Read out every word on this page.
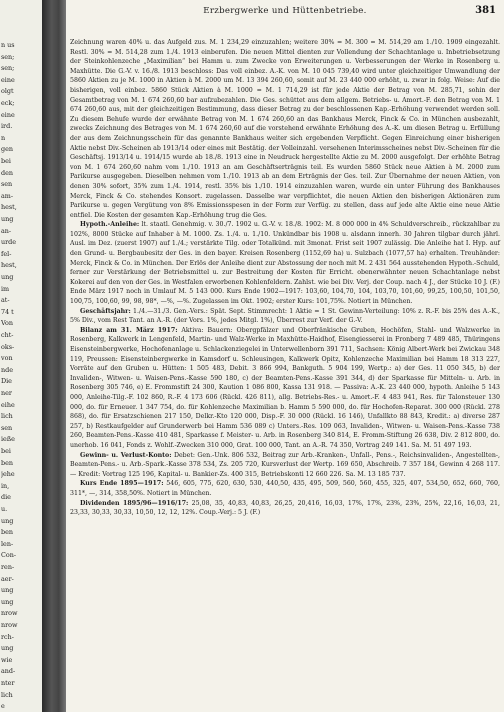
n us
sen;
sen;
eine
olgt
eck;
eine
ird.
n
gen
bei
den
sen
am-
hest,
ung
an-
urde
fel-
hest,
ung
im
at-
74 t
Von
cht-
oks-
von
nde
Die
ner
eihe
lich
sen
ieße
bei
ben
jehe
in,
die
u.
ung
ben
len-
Con-
ren-
aer-
ung
ung
nrow
nrow
rch-
ung
wie
and-
nter
lich
e
Erzbergwerke und Hüttenbetriebe.	381

Zeichnung waren 40% u. das Aufgeld zus. M. 1 234,29 einzuzahlen; weitere 30% = M. 300 = M. 514,29 am 1./10. 1909 eingezahlt. Restl. 30% = M. 514,28 zum 1./4. 1913 einberufen. Die neuen Mittel dienten zur Vollendung der Schachtanlage u. Inbetriebsetzung der Steinkohlenzeche „Maximilian“ bei Hamm u. zum Zwecke von Erweiterungen u. Verbesserungen der Werke in Rosenberg u. Maxhütte. Die G.-V. v. 16./8. 1913 beschloss: Das voll einbez. A.-K. von M. 10 045 739,40 wird unter gleichzeitiger Umwandlung der 5860 Aktien zu je M. 1000 in Aktien à M. 2000 um M. 13 394 260,60, somit auf M. 23 440 000 erhöht, u. zwar in folg. Weise: Auf die bisherigen, voll einbez. 5860 Stück Aktien à M. 1000 = M. 1 714,29 ist für jede Aktie der Betrag von M. 285,71, sohin der Gesamtbetrag von M. 1 674 260,60 bar aufzubezahlen. Die Ges. schüttet aus dem allgem. Betriebs- u. Amort.-F. den Betrag von M. 1 674 260,60 aus, mit der gleichzeitigen Bestimmung, dass dieser Betrag zu der beschlossenen Kap.-Erhöhung verwendet werden soll. Zu diesem Behufe wurde der erwähnte Betrag von M. 1 674 260,60 an das Bankhaus Merck, Finck & Co. in München ausbezahlt, zwecks Zeichnung des Betrages von M. 1 674 260,60 auf die vorstehend erwähnte Erhöhung des A.-K. um diesen Betrag u. Erfüllung der aus dem Zeichnungsschein für das genannte Bankhaus weiter sich ergebenden Verpflicht. Gegen Einreichung einer bisherigen Aktie nebst Div.-Scheinen ab 1913/14 oder eines mit Bestätig. der Volleinzahl. versehenen Interimsscheines nebst Div.-Scheinen für die Geschäftsj. 1913/14 u. 1914/15 wurde ab 18./8. 1913 eine in Neudruck hergestellte Aktie zu M. 2000 ausgefolgt. Der erhöhte Betrag von M. 1 674 260,60 nahm vom 1./10. 1913 an am Geschäftserträgnis teil. Es wurden 5860 Stück neue Aktien à M. 2000 zum Parikurse ausgegeben. Dieselben nehmen vom 1./10. 1913 ab an dem Erträgnis der Ges. teil. Zur Übernahme der neuen Aktien, von denen 30% sofort, 35% zum 1./4. 1914, restl. 35% bis 1./10. 1914 einzuzahlen waren, wurde ein unter Führung des Bankhauses Merck, Finck & Co. stehendes Konsort. zugelassen. Dasselbe war verpflichtet, die neuen Aktien den bisherigen Aktionären zum Parikurse u. gegen Vergütung von 8% Emissionsspesen in der Form zur Verfüg. zu stellen, dass auf jede alte Aktie eine neue Aktie entfiel. Die Kosten der gesamten Kap.-Erhöhung trug die Ges.

Hypoth.-Anleihe: lt. staatl. Genehmig. v. 30./7. 1902 u. G.-V. v. 18./8. 1902: M. 8 000 000 in 4% Schuldverschreib., rückzahlbar zu 102%, 8000 Stücke auf Inhaber à M. 1000. Zs. 1./4. u. 1./10. Unkündbar bis 1908 u. alsdann innerh. 30 Jahren tilgbar durch jährl. Ausl. im Dez. (zuerst 1907) auf 1./4.; verstärkte Tilg. oder Totalkünd. mit 3monat. Frist seit 1907 zulässig. Die Anleihe hat I. Hyp. auf den Grund- u. Bergbaubesitz der Ges. in den bayer. Kreisen Rosenberg (1152,69 ha) u. Sulzbach (1077,57 ha) erhalten. Treuhänder: Merck, Finck & Co. in München. Der Erlös der Anleihe dient zur Abstossung der noch mit M. 2 431 564 ausstehenden Hypoth.-Schuld, ferner zur Verstärkung der Betriebsmittel u. zur Bestreitung der Kosten für Erricht. obenerwähnter neuen Schachtanlage nebst Kokerei auf den von der Ges. in Westfalen erworbenen Kohlenfeldern. Zahlst. wie bei Div. Verj. der Coup. nach 4 J., der Stücke 10 J. (F.) Ende März 1917 noch in Umlauf M. 5 143 000. Kurs Ende 1902—1917: 103,60, 104,70, 104, 103,70, 101,60, 99,25, 100,50, 101,50, 100,75, 100,60, 99, 98, 98*, —%, —%. Zugelassen im Okt. 1902; erster Kurs: 101,75%. Notiert in München.

Geschäftsjahr: 1./4.—31./3. Gen.-Vers.: Spät. Sept. Stimmrecht: 1 Aktie = 1 St. Gewinn-Verteilung: 10% z. R.-F. bis 25% des A.-K., 5% Div., vom Rest Tant. an A.-R. (der Vors. 1%, jedes Mitgl. 1%), Überrest zur Verf. der G.-V.

Bilanz am 31. März 1917: Aktiva: Bauern: Obergpfälzer und Oberfränkische Gruben, Hochöfen, Stahl- und Walzwerke in Rosenberg, Kalkwerk in Lengenfeld, Martin- und Walz-Werke in Maxhütte-Haidhof, Eisengiesserei in Fronberg 7 489 485, Thüringens Eisensteinbergwerke, Hochofenanlage u. Schlackenziegelei in Unterwellenborn 391 711, Sachsen: König Albert-Werk bei Zwickau 348 119, Preussen: Eisensteinbergwerke in Kamsdorf u. Schleusingen, Kalkwerk Opitz, Kohlenzeche Maximilian bei Hamm 18 313 227, Vorräte auf den Gruben u. Hütten: 1 505 483, Debit. 3 866 994, Bankguth. 5 904 199, Wertp.: a) der Ges. 11 050 345, b) der Invaliden-, Witwen- u. Waisen-Pens.-Kasse 590 180, c) der Beamten-Pens.-Kasse 391 344, d) der Sparkasse für Mitteln- u. Arb. in Rosenberg 305 746, e) E. Frommstift 24 300, Kaution 1 086 800, Kassa 131 918. — Passiva: A.-K. 23 440 000, hypoth. Anleihe 5 143 000, Anleihe-Tilg.-F. 102 860, R.-F. 4 173 606 (Rückl. 426 811), allg. Betriebs-Res.- u. Amort.-F. 4 483 941, Res. für Talonsteuer 130 000, do. für Erneuer. 1 347 754, do. für Kohlenzeche Maximilian b. Hamm 5 590 000, do. für Hochofen-Reparat. 300 000 (Rückl. 278 868), do. für Ersatzschienen 217 150, Delkr.-Kto 120 000, Disp.-F. 30 000 (Rückl. 16 146), Unfallkto 88 843, Kredit.: a) diverse 287 257, b) Restkaufgelder auf Grunderwerb bei Hamm 536 089 c) Unters.-Res. 109 063, Invaliden-, Witwen- u. Waisen-Pens.-Kasse 738 260, Beamten-Pens.-Kasse 410 481, Sparkasse f. Meister- u. Arb. in Rosenberg 340 814, E. Fromm-Stiftung 26 638, Div. 2 812 800, do. unerhob. 16 041, Fonds z. Wohlf.-Zwecken 310 000, Grat. 100 000, Tant. an A.-R. 74 350, Vortrag 249 141. Sa. M. 51 497 193.

Gewinn- u. Verlust-Konto: Debet: Gen.-Unk. 806 532, Beitrag zur Arb.-Kranken-, Unfall-, Pens.-, Reichsinvaliden-, Angestellten-, Beamten-Pens.- u. Arb.-Spark.-Kasse 378 534, Zs. 205 720, Kursverlust der Wertp. 169 650, Abschreib. 7 357 184, Gewinn 4 268 117. — Kredit: Vortrag 125 196, Kapital- u. Bankier-Zs. 400 315, Betriebskonti 12 660 226. Sa. M. 13 185 737.

Kurs Ende 1895—1917: 546, 605, 775, 620, 630, 530, 440,50, 435, 495, 509, 560, 560, 455, 325, 407, 534,50, 652, 660, 760, 311*, —, 314, 358,50%. Notiert in München.

Dividenden 1895/96—1916/17: 25,08, 35, 40,83, 40,83, 26,25, 20,416, 16,03, 17%, 17%, 23%, 23%, 25%, 22,16, 16,03, 21, 23,33, 30,33, 30,33, 10,50, 12, 12, 12%. Coup.-Verj.: 5 J. (F.)
